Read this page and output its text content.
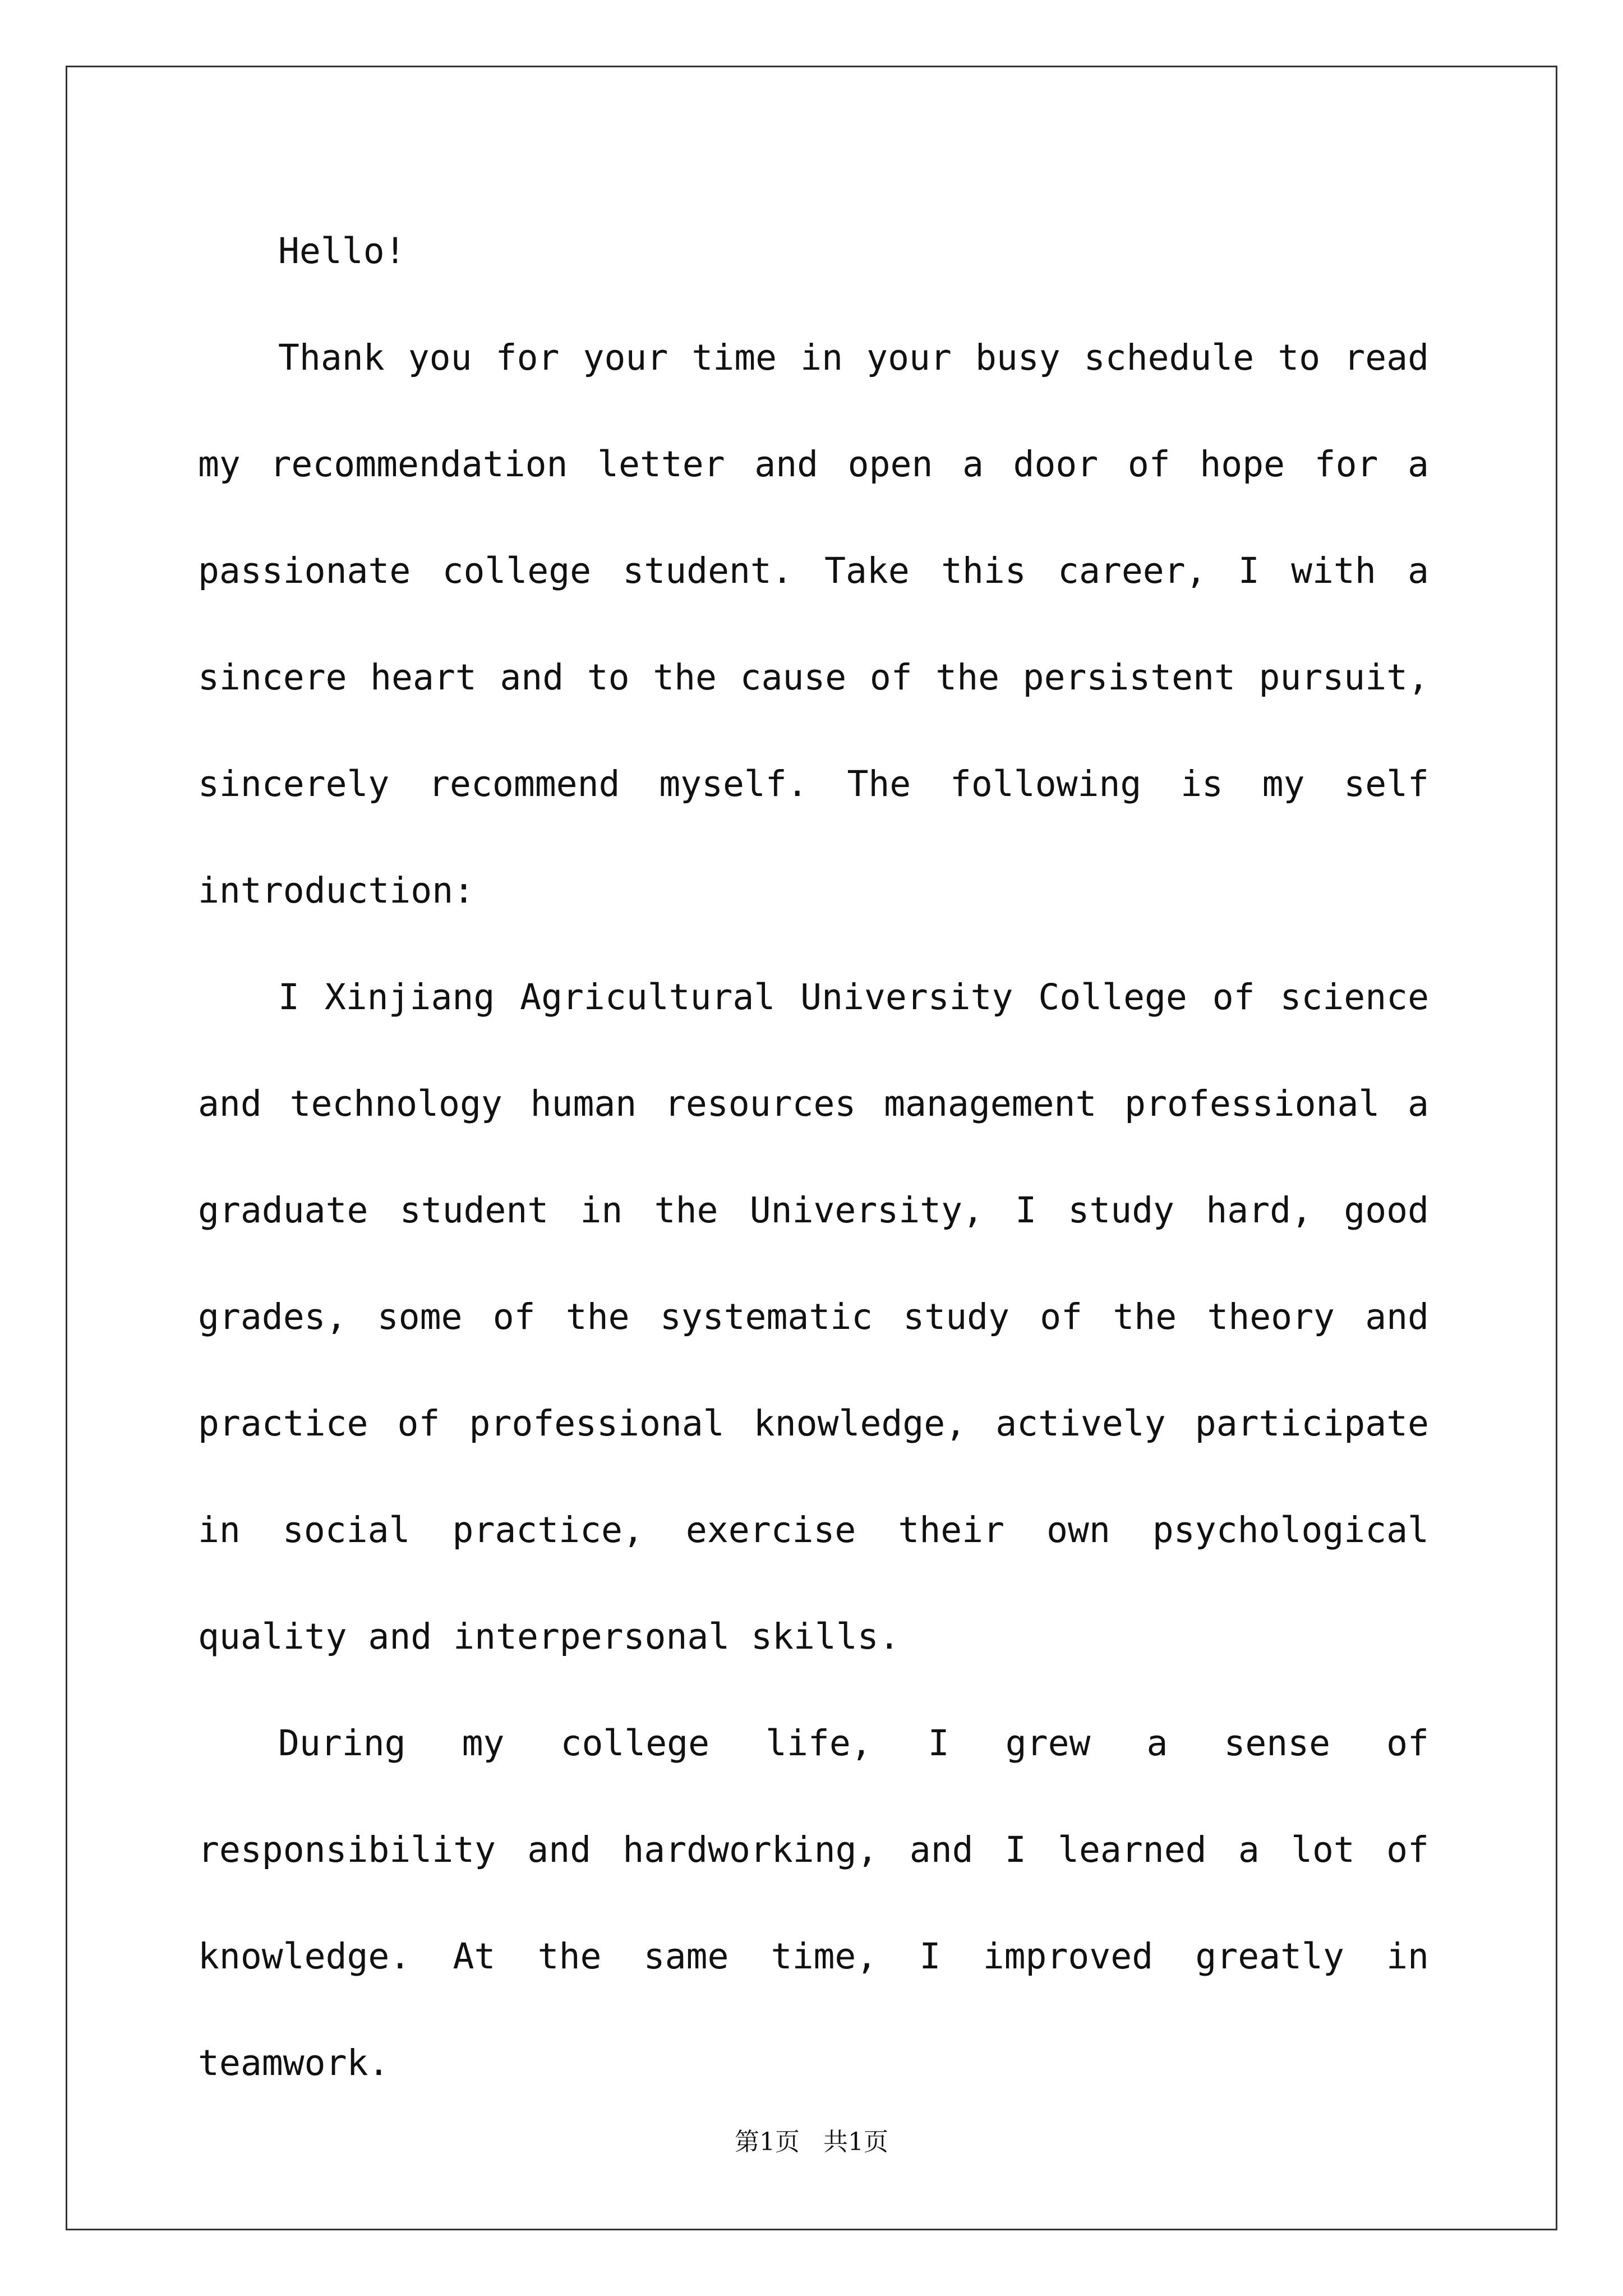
Hello!

Thank you for your time in your busy schedule to read my recommendation letter and open a door of hope for a passionate college student. Take this career, I with a sincere heart and to the cause of the persistent pursuit, sincerely recommend myself. The following is my self introduction:

I Xinjiang Agricultural University College of science and technology human resources management professional a graduate student in the University, I study hard, good grades, some of the systematic study of the theory and practice of professional knowledge, actively participate in social practice, exercise their own psychological quality and interpersonal skills.

During my college life, I grew a sense of responsibility and hardworking, and I learned a lot of knowledge. At the same time, I improved greatly in teamwork.

第1页   共1页
